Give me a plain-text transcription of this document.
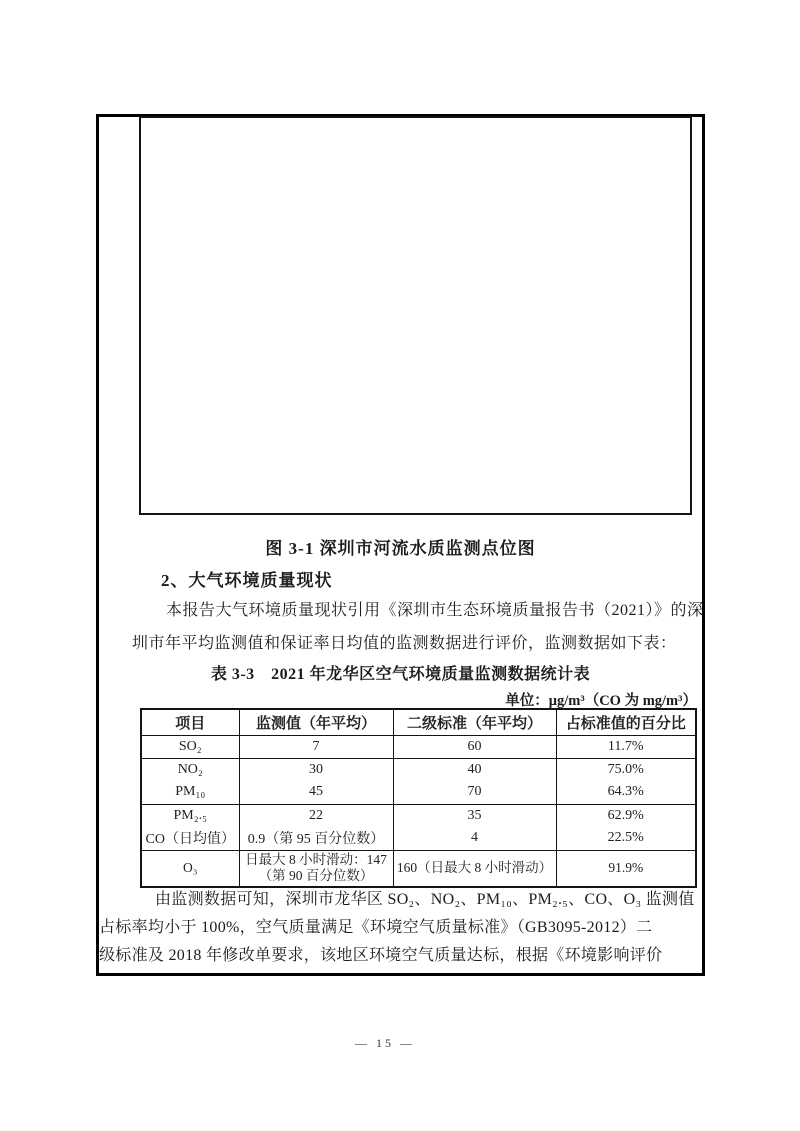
图 3-1 深圳市河流水质监测点位图
2、大气环境质量现状
本报告大气环境质量现状引用《深圳市生态环境质量报告书（2021）》的深
圳市年平均监测值和保证率日均值的监测数据进行评价，监测数据如下表：
表 3-3　2021 年龙华区空气环境质量监测数据统计表
单位：μg/m³（CO 为 mg/m³）
项目	监测值（年平均）	二级标准（年平均）	占标准值的百分比
SO₂	7	60	11.7%
NO₂	30	40	75.0%
PM₁₀	45	70	64.3%
PM₂.₅	22	35	62.9%
CO（日均值）	0.9（第 95 百分位数）	4	22.5%
O₃	日最大 8 小时滑动：147（第 90 百分位数）	160（日最大 8 小时滑动）	91.9%
由监测数据可知，深圳市龙华区 SO₂、NO₂、PM₁₀、PM₂.₅、CO、O₃ 监测值
占标率均小于 100%，空气质量满足《环境空气质量标准》（GB3095-2012）二
级标准及 2018 年修改单要求，该地区环境空气质量达标，根据《环境影响评价
— 15 —
